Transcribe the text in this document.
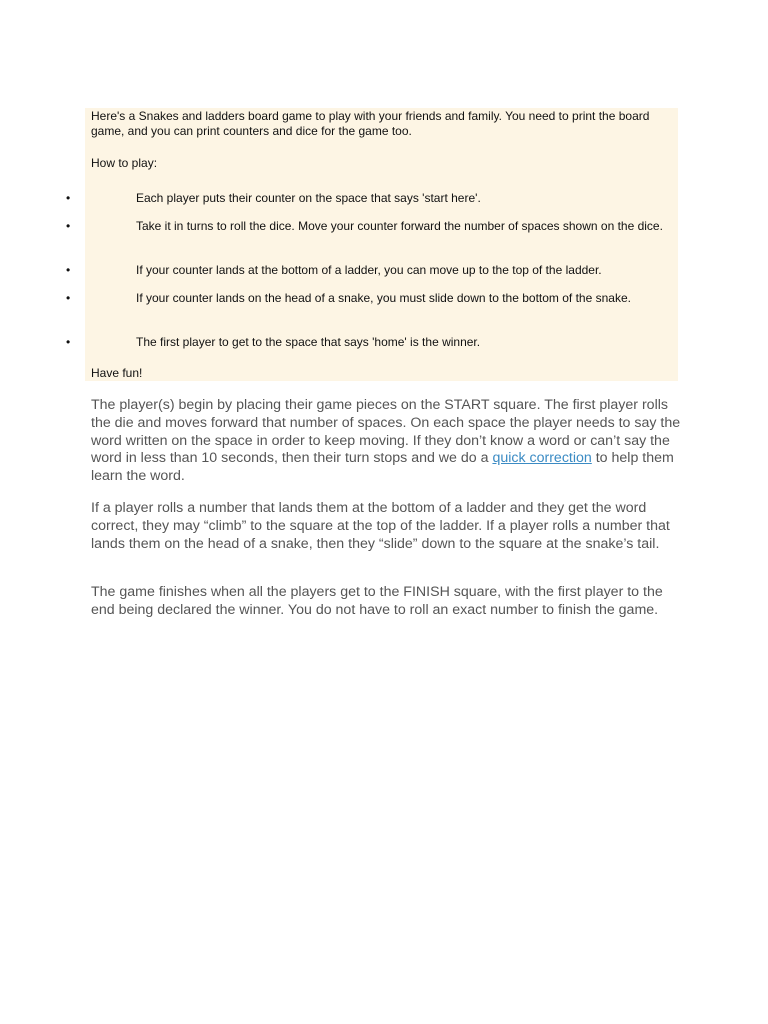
Here's a Snakes and ladders board game to play with your friends and family. You need to print the board game, and you can print counters and dice for the game too.
How to play:
•	Each player puts their counter on the space that says 'start here'.
•	Take it in turns to roll the dice. Move your counter forward the number of spaces shown on the dice.
•	If your counter lands at the bottom of a ladder, you can move up to the top of the ladder.
•	If your counter lands on the head of a snake, you must slide down to the bottom of the snake.
•	The first player to get to the space that says 'home' is the winner.
Have fun!
The player(s) begin by placing their game pieces on the START square. The first player rolls the die and moves forward that number of spaces. On each space the player needs to say the word written on the space in order to keep moving. If they don’t know a word or can’t say the word in less than 10 seconds, then their turn stops and we do a quick correction to help them learn the word.
If a player rolls a number that lands them at the bottom of a ladder and they get the word correct, they may “climb” to the square at the top of the ladder. If a player rolls a number that lands them on the head of a snake, then they “slide” down to the square at the snake’s tail.
The game finishes when all the players get to the FINISH square, with the first player to the end being declared the winner. You do not have to roll an exact number to finish the game.
